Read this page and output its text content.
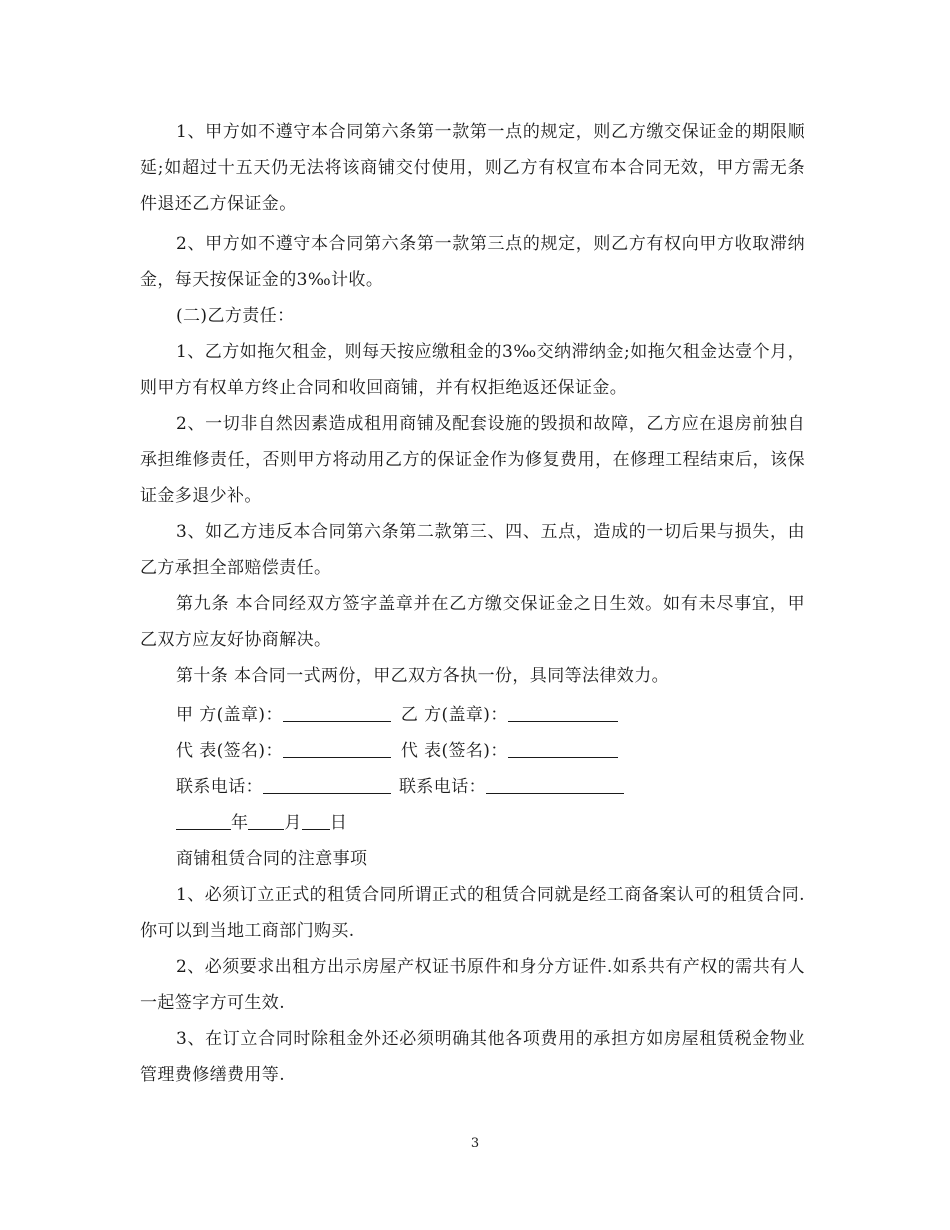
1、甲方如不遵守本合同第六条第一款第一点的规定，则乙方缴交保证金的期限顺延;如超过十五天仍无法将该商铺交付使用，则乙方有权宣布本合同无效，甲方需无条件退还乙方保证金。

2、甲方如不遵守本合同第六条第一款第三点的规定，则乙方有权向甲方收取滞纳金，每天按保证金的3‰计收。

(二)乙方责任：

1、乙方如拖欠租金，则每天按应缴租金的3‰交纳滞纳金;如拖欠租金达壹个月，则甲方有权单方终止合同和收回商铺，并有权拒绝返还保证金。

2、一切非自然因素造成租用商铺及配套设施的毁损和故障，乙方应在退房前独自承担维修责任，否则甲方将动用乙方的保证金作为修复费用，在修理工程结束后，该保证金多退少补。

3、如乙方违反本合同第六条第二款第三、四、五点，造成的一切后果与损失，由乙方承担全部赔偿责任。

第九条 本合同经双方签字盖章并在乙方缴交保证金之日生效。如有未尽事宜，甲乙双方应友好协商解决。

第十条 本合同一式两份，甲乙双方各执一份，具同等法律效力。

甲 方(盖章)：	乙 方(盖章)：
代 表(签名)：	代 表(签名)：
联系电话：	联系电话：
年 月 日
商铺租赁合同的注意事项

1、必须订立正式的租赁合同所谓正式的租赁合同就是经工商备案认可的租赁合同.你可以到当地工商部门购买.

2、必须要求出租方出示房屋产权证书原件和身分方证件.如系共有产权的需共有人一起签字方可生效.

3、在订立合同时除租金外还必须明确其他各项费用的承担方如房屋租赁税金物业管理费修缮费用等.

3
